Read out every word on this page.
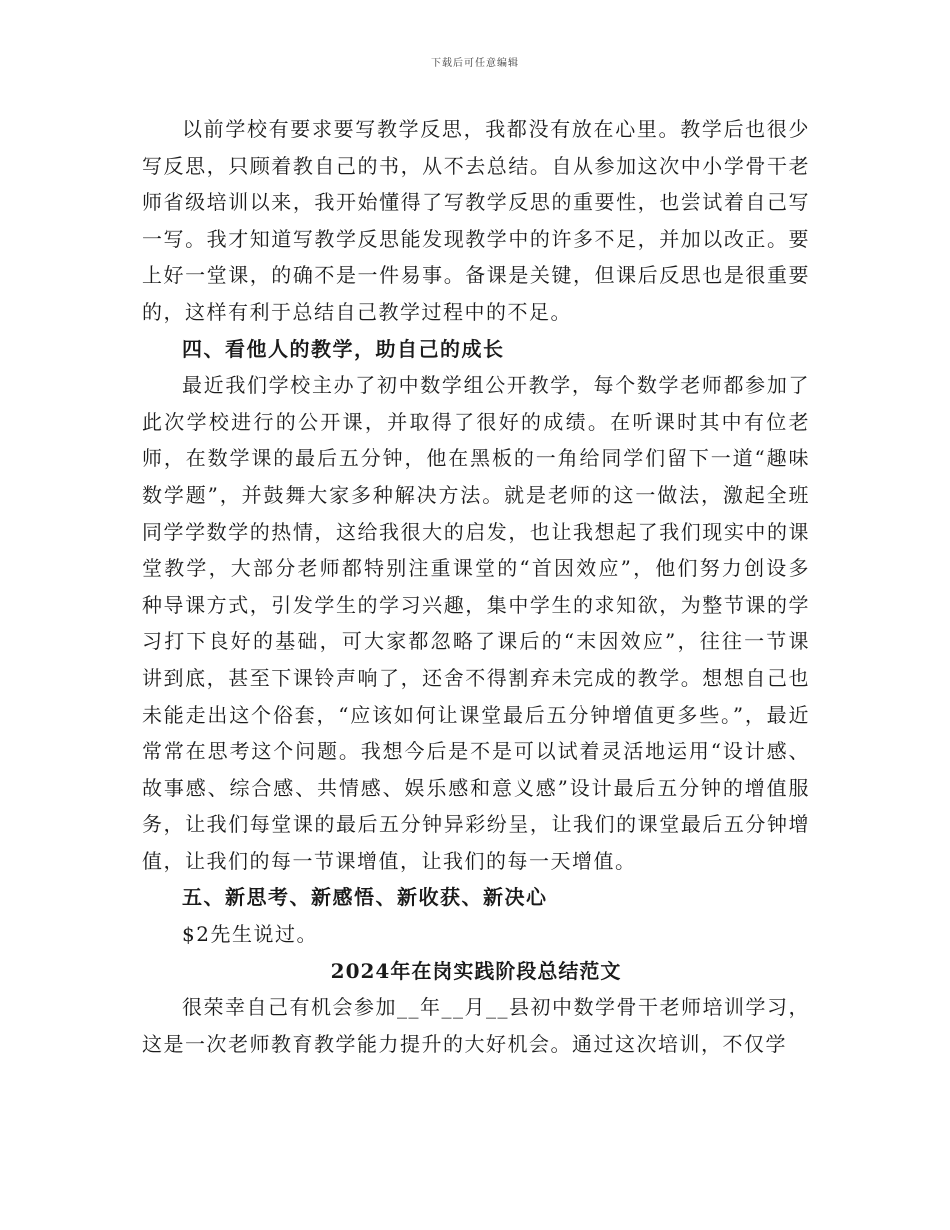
下载后可任意编辑

以前学校有要求要写教学反思，我都没有放在心里。教学后也很少写反思，只顾着教自己的书，从不去总结。自从参加这次中小学骨干老师省级培训以来，我开始懂得了写教学反思的重要性，也尝试着自己写一写。我才知道写教学反思能发现教学中的许多不足，并加以改正。要上好一堂课，的确不是一件易事。备课是关键，但课后反思也是很重要的，这样有利于总结自己教学过程中的不足。

四、看他人的教学，助自己的成长

最近我们学校主办了初中数学组公开教学，每个数学老师都参加了此次学校进行的公开课，并取得了很好的成绩。在听课时其中有位老师，在数学课的最后五分钟，他在黑板的一角给同学们留下一道“趣味数学题”，并鼓舞大家多种解决方法。就是老师的这一做法，激起全班同学学数学的热情，这给我很大的启发，也让我想起了我们现实中的课堂教学，大部分老师都特别注重课堂的“首因效应”，他们努力创设多种导课方式，引发学生的学习兴趣，集中学生的求知欲，为整节课的学习打下良好的基础，可大家都忽略了课后的“末因效应”，往往一节课讲到底，甚至下课铃声响了，还舍不得割弃未完成的教学。想想自己也未能走出这个俗套，“应该如何让课堂最后五分钟增值更多些。”，最近常常在思考这个问题。我想今后是不是可以试着灵活地运用“设计感、故事感、综合感、共情感、娱乐感和意义感”设计最后五分钟的增值服务，让我们每堂课的最后五分钟异彩纷呈，让我们的课堂最后五分钟增值，让我们的每一节课增值，让我们的每一天增值。

五、新思考、新感悟、新收获、新决心

$2先生说过。

2024年在岗实践阶段总结范文

很荣幸自己有机会参加__年__月__县初中数学骨干老师培训学习，这是一次老师教育教学能力提升的大好机会。通过这次培训，不仅学
